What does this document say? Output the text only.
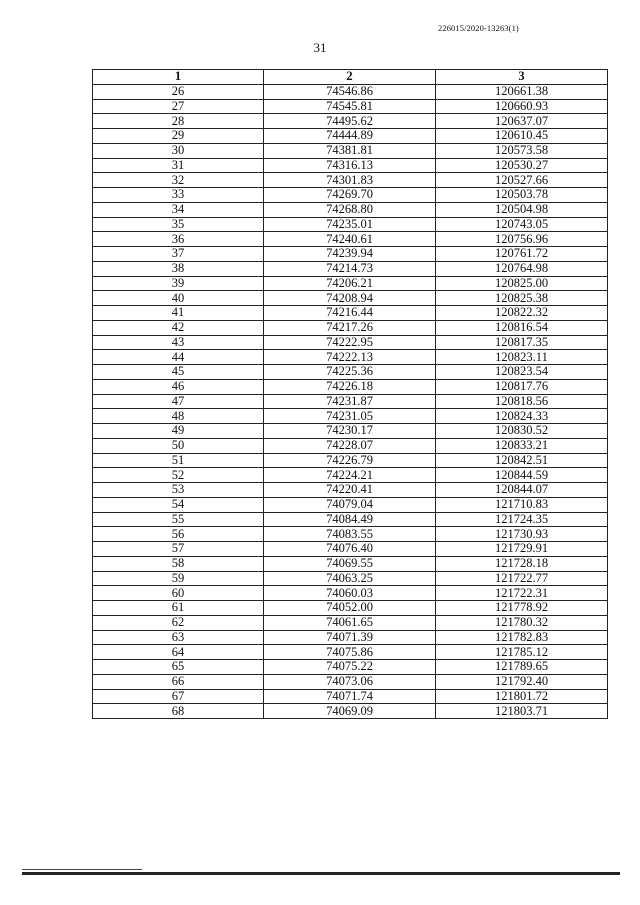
226015/2020-13263(1)
31
1	2	3
26	74546.86	120661.38
27	74545.81	120660.93
28	74495.62	120637.07
29	74444.89	120610.45
30	74381.81	120573.58
31	74316.13	120530.27
32	74301.83	120527.66
33	74269.70	120503.78
34	74268.80	120504.98
35	74235.01	120743.05
36	74240.61	120756.96
37	74239.94	120761.72
38	74214.73	120764.98
39	74206.21	120825.00
40	74208.94	120825.38
41	74216.44	120822.32
42	74217.26	120816.54
43	74222.95	120817.35
44	74222.13	120823.11
45	74225.36	120823.54
46	74226.18	120817.76
47	74231.87	120818.56
48	74231.05	120824.33
49	74230.17	120830.52
50	74228.07	120833.21
51	74226.79	120842.51
52	74224.21	120844.59
53	74220.41	120844.07
54	74079.04	121710.83
55	74084.49	121724.35
56	74083.55	121730.93
57	74076.40	121729.91
58	74069.55	121728.18
59	74063.25	121722.77
60	74060.03	121722.31
61	74052.00	121778.92
62	74061.65	121780.32
63	74071.39	121782.83
64	74075.86	121785.12
65	74075.22	121789.65
66	74073.06	121792.40
67	74071.74	121801.72
68	74069.09	121803.71
